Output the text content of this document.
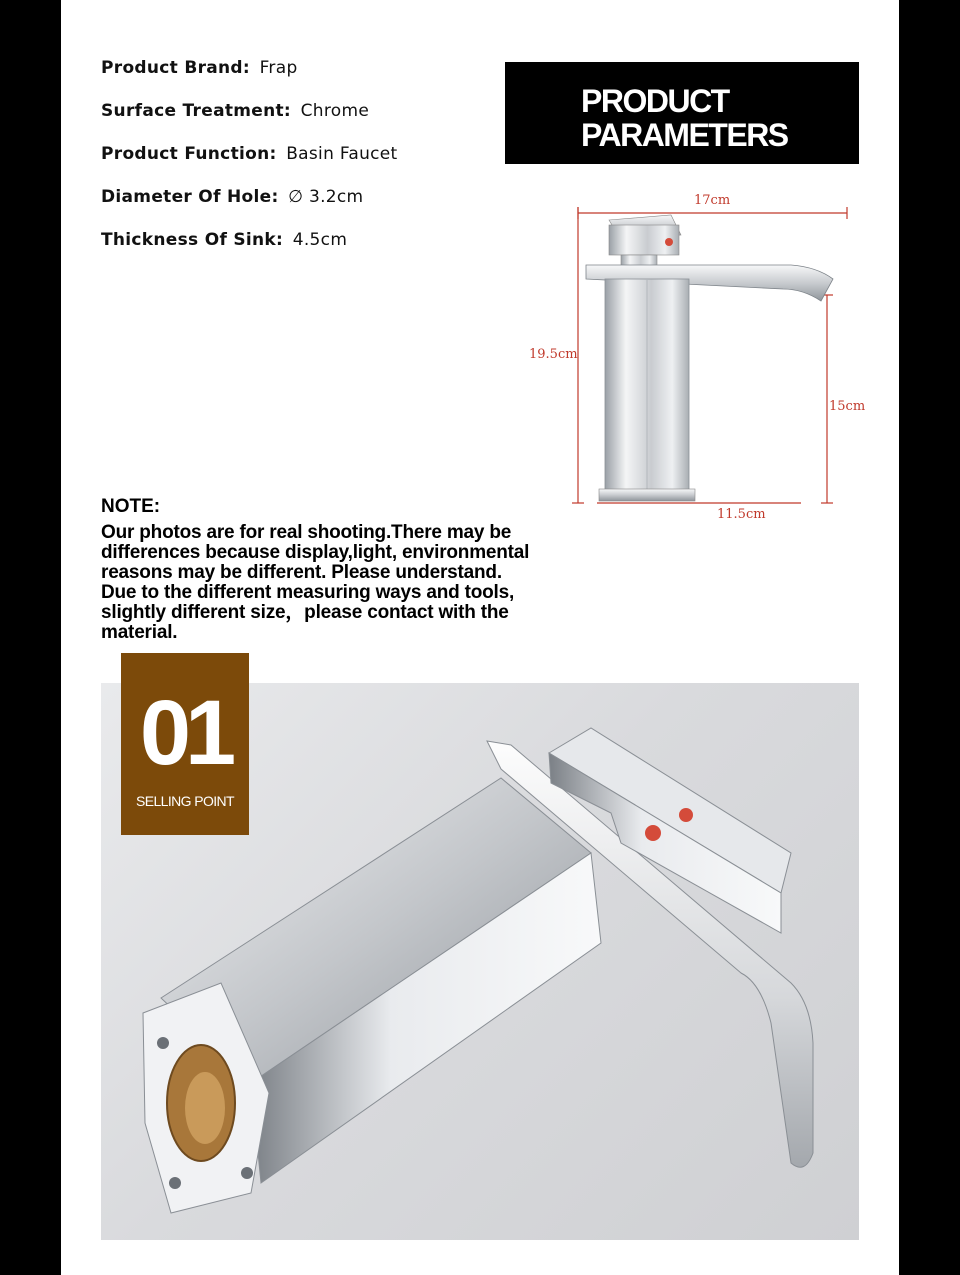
Product Brand: Frap
Surface Treatment: Chrome
Product Function: Basin Faucet
Diameter Of Hole: ∅ 3.2cm
Thickness Of Sink: 4.5cm
PRODUCT
PARAMETERS
17cm
19.5cm
15cm
11.5cm
NOTE:
Our photos are for real shooting.There may be
differences because display,light, environmental
reasons may be different. Please understand.
Due to the different measuring ways and tools,
slightly different size，please contact with the
material.
01
SELLING POINT
